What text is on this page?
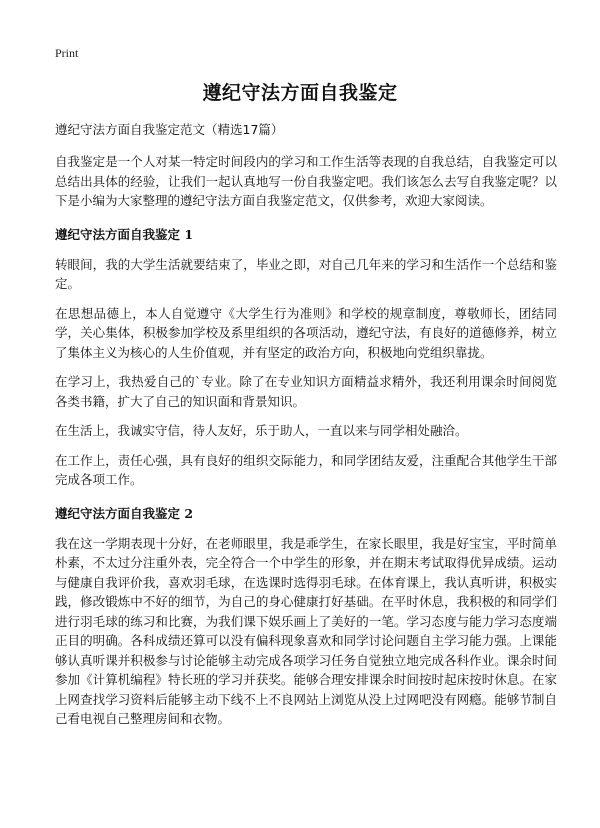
Print
遵纪守法方面自我鉴定

遵纪守法方面自我鉴定范文（精选17篇）

自我鉴定是一个人对某一特定时间段内的学习和工作生活等表现的自我总结，自我鉴定可以总结出具体的经验，让我们一起认真地写一份自我鉴定吧。我们该怎么去写自我鉴定呢？以下是小编为大家整理的遵纪守法方面自我鉴定范文，仅供参考，欢迎大家阅读。

遵纪守法方面自我鉴定 1

转眼间，我的大学生活就要结束了，毕业之即，对自己几年来的学习和生活作一个总结和鉴定。

在思想品德上，本人自觉遵守《大学生行为准则》和学校的规章制度，尊敬师长，团结同学，关心集体，积极参加学校及系里组织的各项活动，遵纪守法，有良好的道德修养，树立了集体主义为核心的人生价值观，并有坚定的政治方向，积极地向党组织靠拢。

在学习上，我热爱自己的`专业。除了在专业知识方面精益求精外，我还利用课余时间阅览各类书籍，扩大了自己的知识面和背景知识。

在生活上，我诚实守信，待人友好，乐于助人，一直以来与同学相处融洽。

在工作上，责任心强，具有良好的组织交际能力，和同学团结友爱，注重配合其他学生干部完成各项工作。

遵纪守法方面自我鉴定 2

我在这一学期表现十分好，在老师眼里，我是乖学生，在家长眼里，我是好宝宝，平时简单朴素，不太过分注重外表，完全符合一个中学生的形象，并在期末考试取得优异成绩。运动与健康自我评价我，喜欢羽毛球，在选课时选得羽毛球。在体育课上，我认真听讲，积极实践，修改锻炼中不好的细节，为自己的身心健康打好基础。在平时休息，我积极的和同学们进行羽毛球的练习和比赛，为我们课下娱乐画上了美好的一笔。学习态度与能力学习态度端正目的明确。各科成绩还算可以没有偏科现象喜欢和同学讨论问题自主学习能力强。上课能够认真听课并积极参与讨论能够主动完成各项学习任务自觉独立地完成各科作业。课余时间参加《计算机编程》特长班的学习并获奖。能够合理安排课余时间按时起床按时休息。在家上网查找学习资料后能够主动下线不上不良网站上浏览从没上过网吧没有网瘾。能够节制自己看电视自己整理房间和衣物。
